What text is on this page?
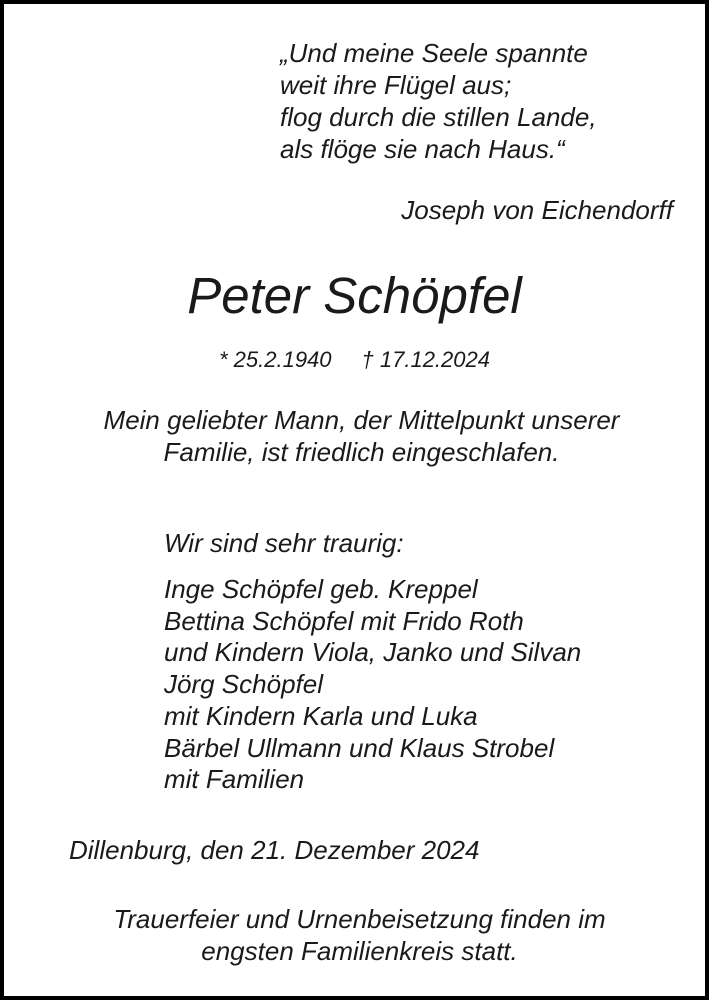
„Und meine Seele spannte
weit ihre Flügel aus;
flog durch die stillen Lande,
als flöge sie nach Haus.“
Joseph von Eichendorff
Peter Schöpfel
* 25.2.1940 † 17.12.2024
Mein geliebter Mann, der Mittelpunkt unserer
Familie, ist friedlich eingeschlafen.
Wir sind sehr traurig:
Inge Schöpfel geb. Kreppel
Bettina Schöpfel mit Frido Roth
und Kindern Viola, Janko und Silvan
Jörg Schöpfel
mit Kindern Karla und Luka
Bärbel Ullmann und Klaus Strobel
mit Familien
Dillenburg, den 21. Dezember 2024
Trauerfeier und Urnenbeisetzung finden im
engsten Familienkreis statt.
